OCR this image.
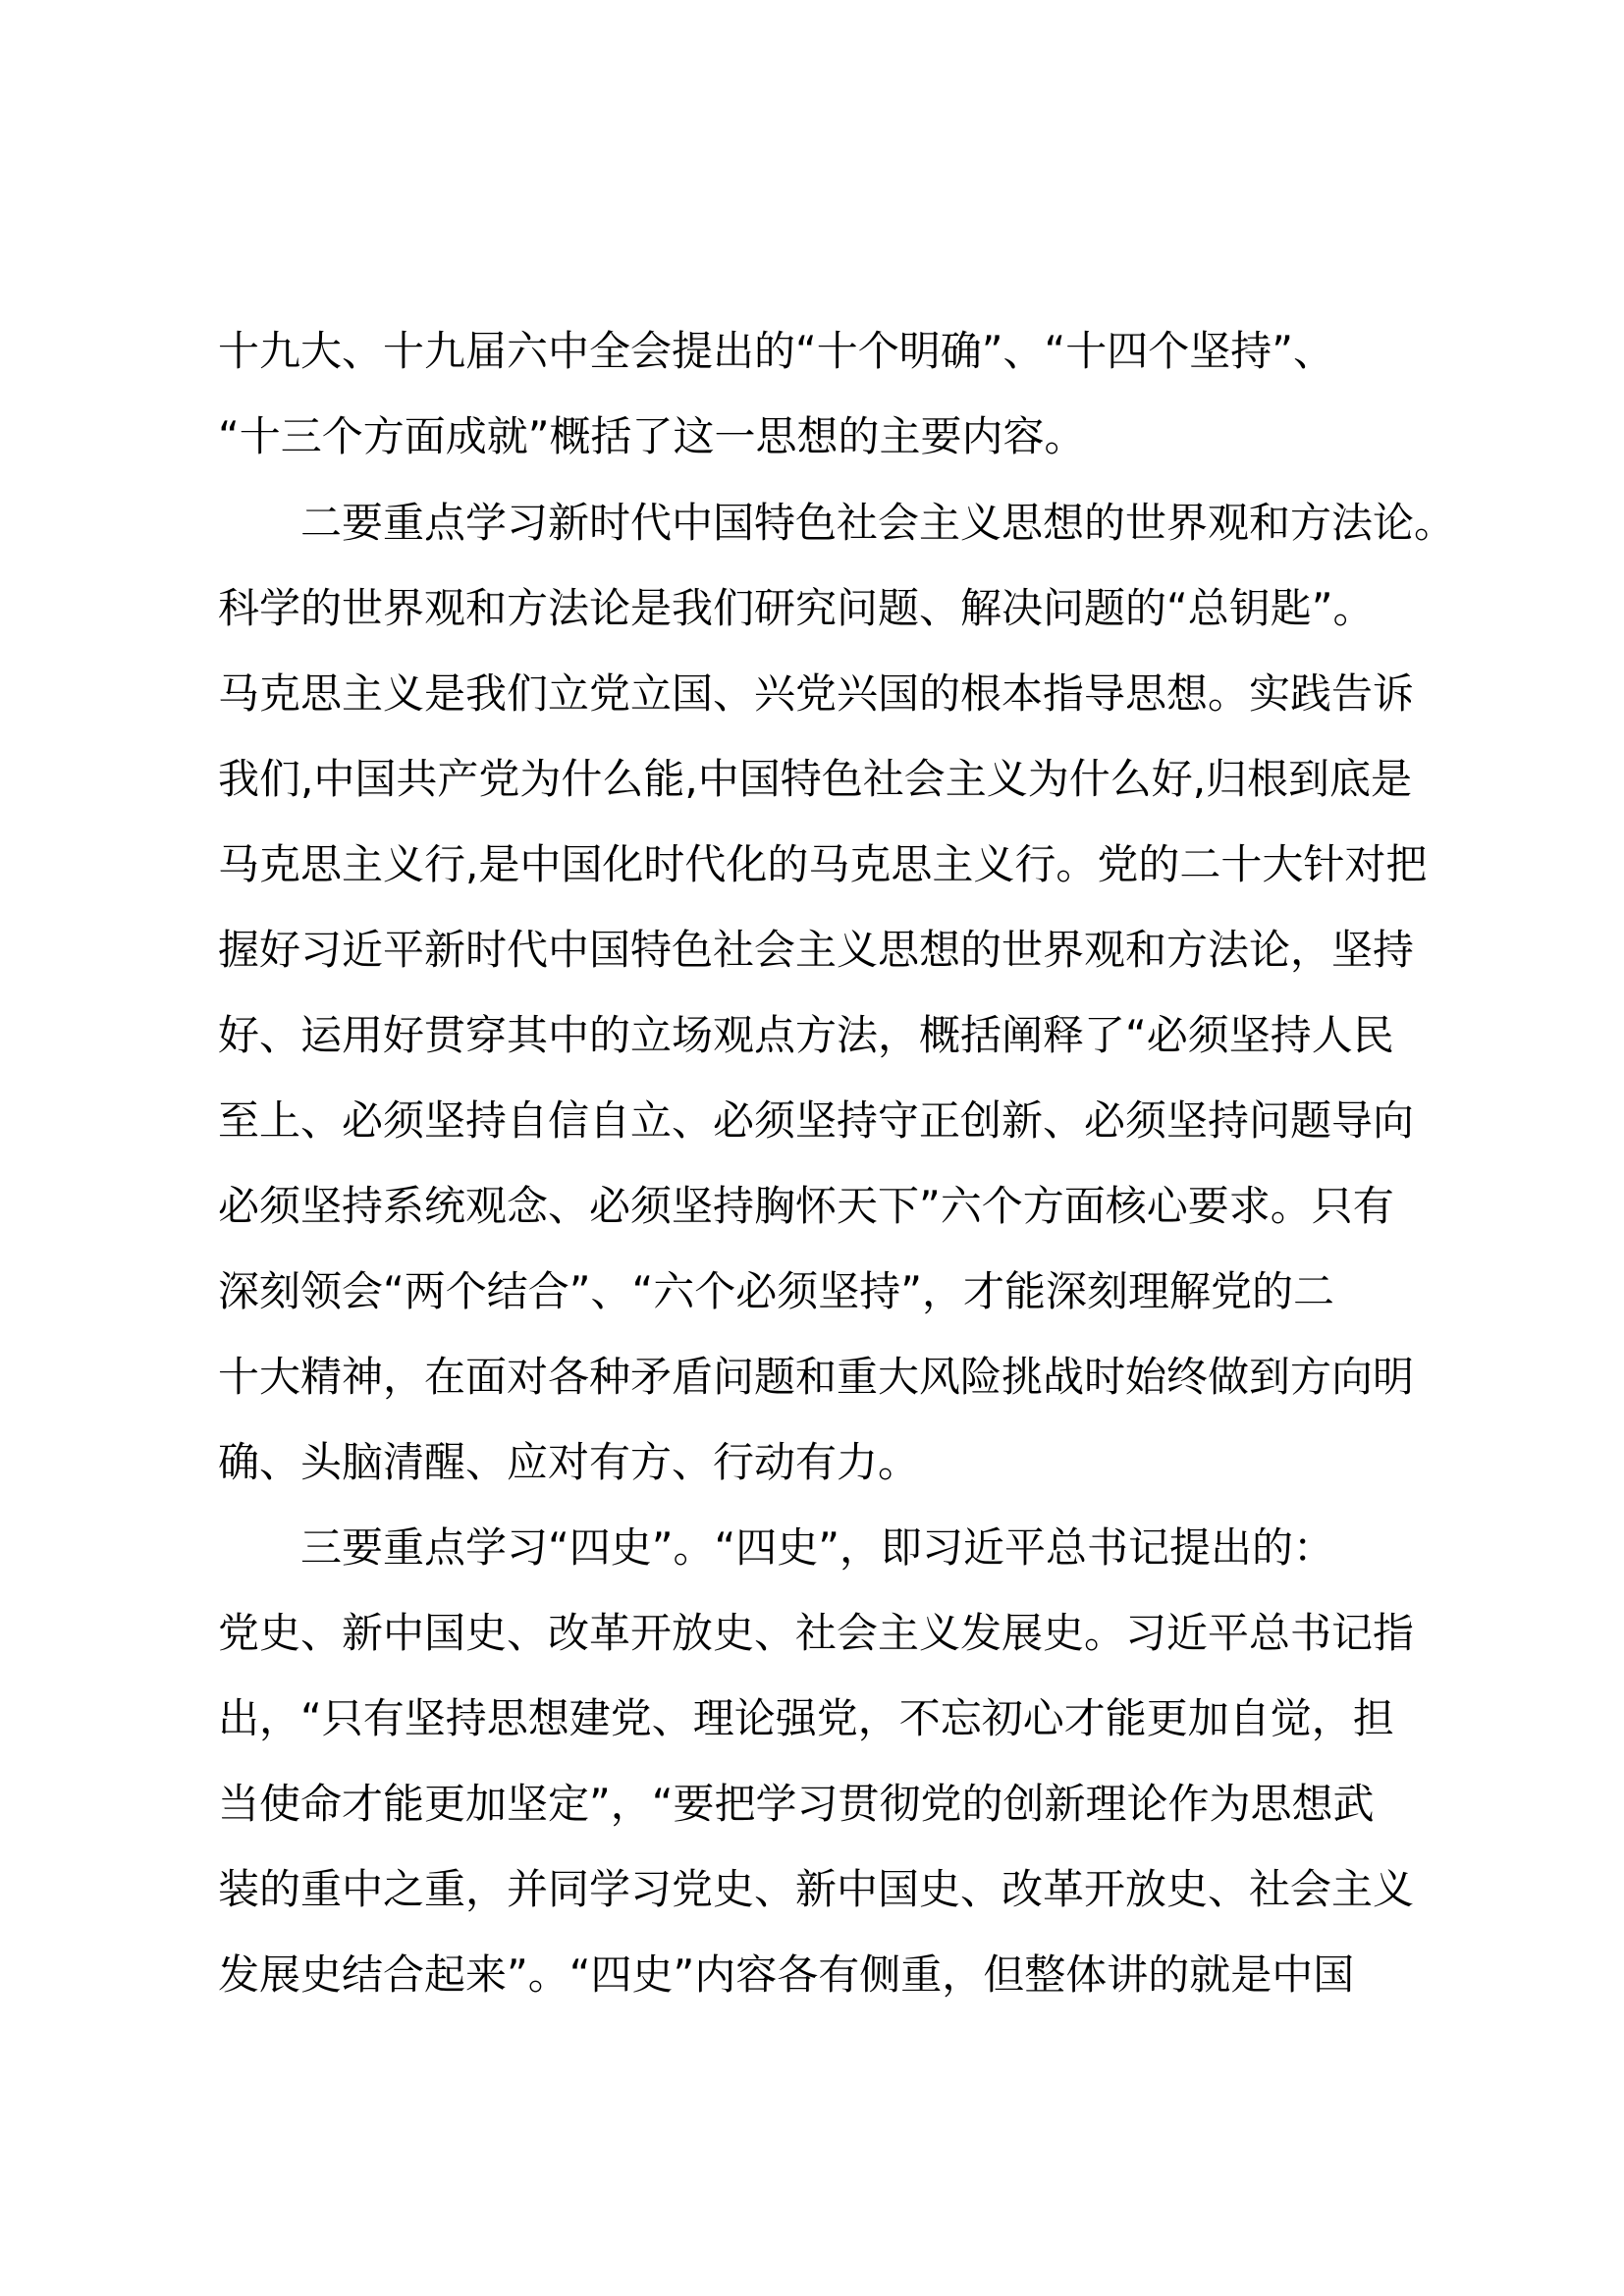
十九大、十九届六中全会提出的“十个明确”、“十四个坚持”、
“十三个方面成就”概括了这一思想的主要内容。
二要重点学习新时代中国特色社会主义思想的世界观和方法论。
科学的世界观和方法论是我们研究问题、解决问题的“总钥匙”。
马克思主义是我们立党立国、兴党兴国的根本指导思想。实践告诉
我们,中国共产党为什么能,中国特色社会主义为什么好,归根到底是
马克思主义行,是中国化时代化的马克思主义行。党的二十大针对把
握好习近平新时代中国特色社会主义思想的世界观和方法论，坚持
好、运用好贯穿其中的立场观点方法，概括阐释了“必须坚持人民
至上、必须坚持自信自立、必须坚持守正创新、必须坚持问题导向
必须坚持系统观念、必须坚持胸怀天下”六个方面核心要求。只有
深刻领会“两个结合”、“六个必须坚持”，才能深刻理解党的二
十大精神，在面对各种矛盾问题和重大风险挑战时始终做到方向明
确、头脑清醒、应对有方、行动有力。
三要重点学习“四史”。“四史”，即习近平总书记提出的：
党史、新中国史、改革开放史、社会主义发展史。习近平总书记指
出，“只有坚持思想建党、理论强党，不忘初心才能更加自觉，担
当使命才能更加坚定”，“要把学习贯彻党的创新理论作为思想武
装的重中之重，并同学习党史、新中国史、改革开放史、社会主义
发展史结合起来”。“四史”内容各有侧重，但整体讲的就是中国
